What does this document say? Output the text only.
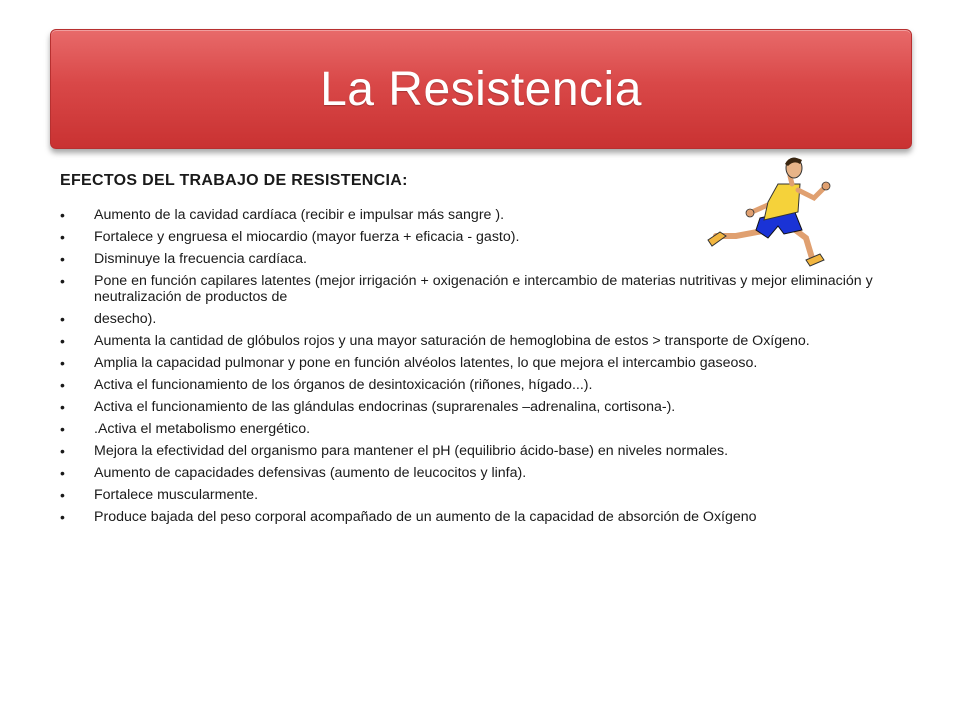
La Resistencia
EFECTOS DEL TRABAJO DE RESISTENCIA:
• Aumento de la cavidad cardíaca (recibir e impulsar más sangre ).
• Fortalece y engruesa el miocardio (mayor fuerza + eficacia - gasto).
• Disminuye la frecuencia cardíaca.
• Pone en función capilares latentes (mejor irrigación + oxigenación e intercambio de materias nutritivas y mejor eliminación y neutralización de productos de
• desecho).
• Aumenta la cantidad de glóbulos rojos y una mayor saturación de hemoglobina de estos > transporte de Oxígeno.
• Amplia la capacidad pulmonar y pone en función alvéolos latentes, lo que mejora el intercambio gaseoso.
• Activa el funcionamiento de los órganos de desintoxicación (riñones, hígado...).
• Activa el funcionamiento de las glándulas endocrinas (suprarenales –adrenalina, cortisona-).
• .Activa el metabolismo energético.
• Mejora la efectividad del organismo para mantener el pH (equilibrio ácido-base) en niveles normales.
• Aumento de capacidades defensivas (aumento de leucocitos y linfa).
• Fortalece muscularmente.
• Produce bajada del peso corporal acompañado de un aumento de la capacidad de absorción de Oxígeno
